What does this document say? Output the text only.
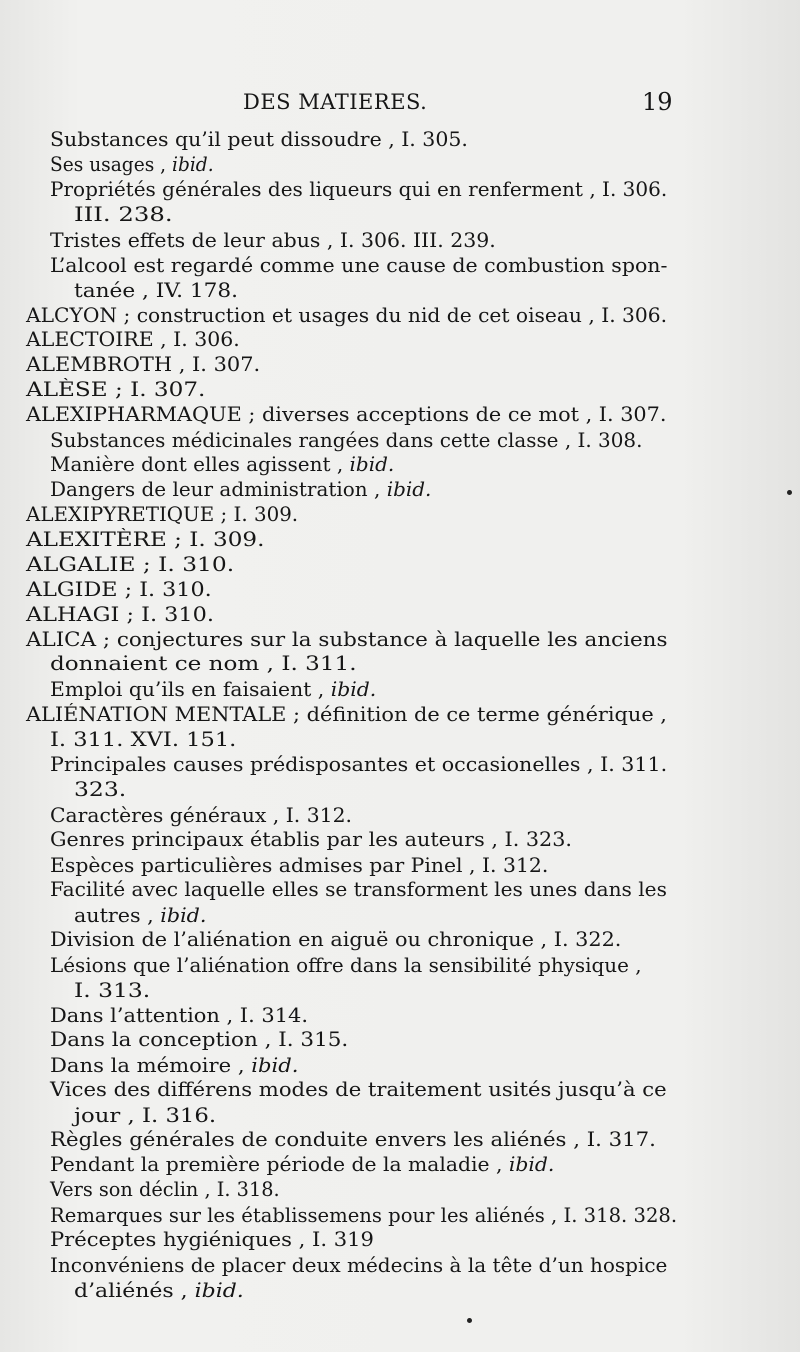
DES MATIERES.	19
Substances qu’il peut dissoudre , I. 305.
Ses usages , ibid.
Propriétés générales des liqueurs qui en renferment , I. 306.
III. 238.
Tristes effets de leur abus , I. 306. III. 239.
L’alcool est regardé comme une cause de combustion spon-
tanée , IV. 178.
ALCYON ; construction et usages du nid de cet oiseau , I. 306.
ALECTOIRE , I. 306.
ALEMBROTH , I. 307.
ALÈSE ; I. 307.
ALEXIPHARMAQUE ; diverses acceptions de ce mot , I. 307.
Substances médicinales rangées dans cette classe , I. 308.
Manière dont elles agissent , ibid.
Dangers de leur administration , ibid.
ALEXIPYRETIQUE ; I. 309.
ALEXITÈRE ; I. 309.
ALGALIE ; I. 310.
ALGIDE ; I. 310.
ALHAGI ; I. 310.
ALICA ; conjectures sur la substance à laquelle les anciens
donnaient ce nom , I. 311.
Emploi qu’ils en faisaient , ibid.
ALIÉNATION MENTALE ; définition de ce terme générique ,
I. 311. XVI. 151.
Principales causes prédisposantes et occasionelles , I. 311.
323.
Caractères généraux , I. 312.
Genres principaux établis par les auteurs , I. 323.
Espèces particulières admises par Pinel , I. 312.
Facilité avec laquelle elles se transforment les unes dans les
autres , ibid.
Division de l’aliénation en aiguë ou chronique , I. 322.
Lésions que l’aliénation offre dans la sensibilité physique ,
I. 313.
Dans l’attention , I. 314.
Dans la conception , I. 315.
Dans la mémoire , ibid.
Vices des différens modes de traitement usités jusqu’à ce
jour , I. 316.
Règles générales de conduite envers les aliénés , I. 317.
Pendant la première période de la maladie , ibid.
Vers son déclin , I. 318.
Remarques sur les établissemens pour les aliénés , I. 318. 328.
Préceptes hygiéniques , I. 319
Inconvéniens de placer deux médecins à la tête d’un hospice
d’aliénés , ibid.
